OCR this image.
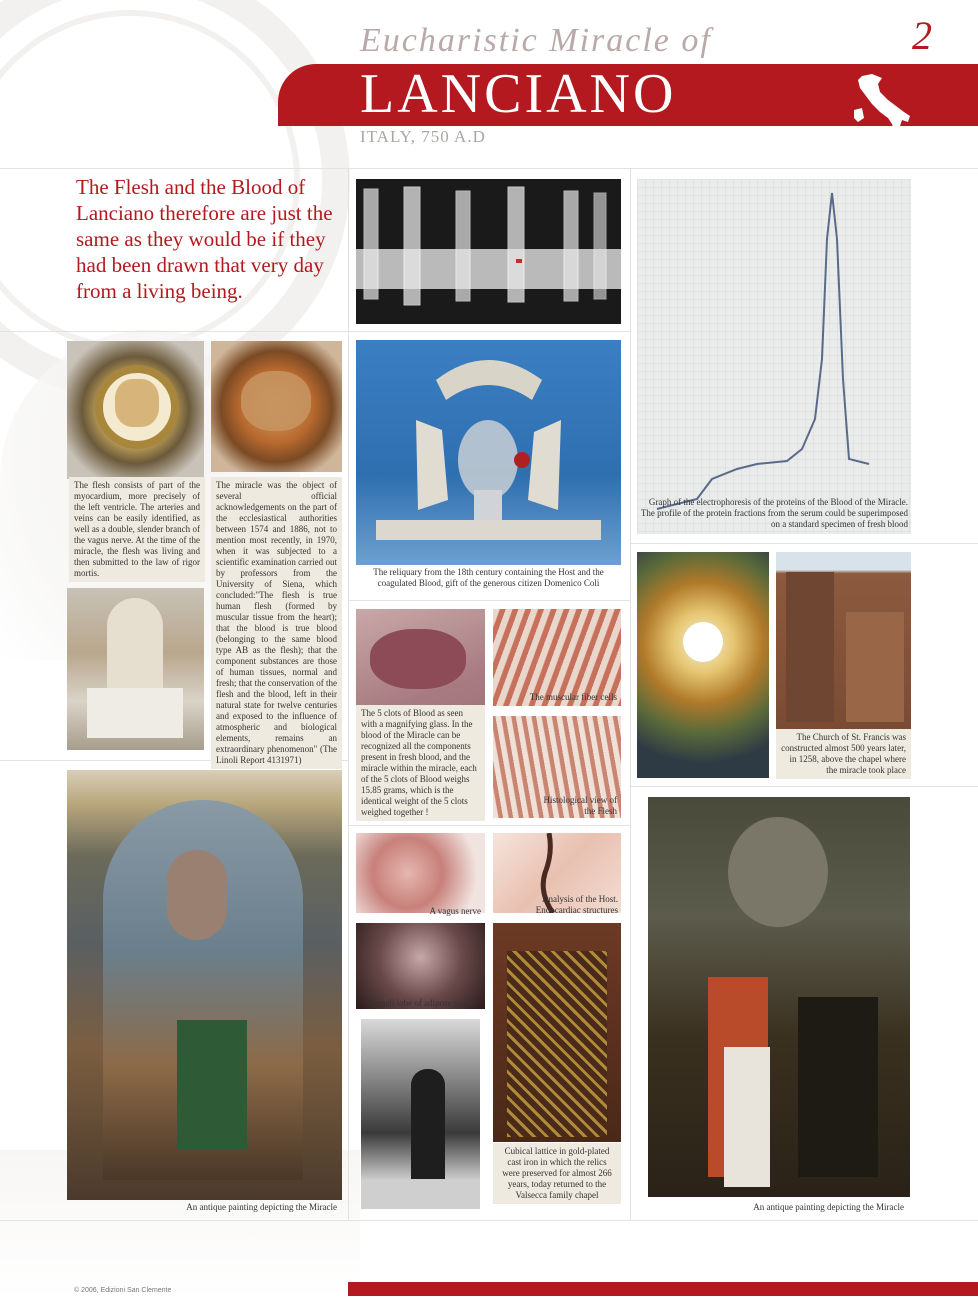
Eucharistic Miracle of
LANCIANO
ITALY, 750 A.D
2
The Flesh and the Blood of Lanciano therefore are just the same as they would be if they had been drawn that very day from a living being.
Graph of the electrophoresis of the proteins of the Blood of the Miracle. The profile of the protein fractions from the serum could be superimposed on a standard specimen of fresh blood
The flesh consists of part of the myocardium, more precisely of the left ventricle. The arteries and veins can be easily identified, as well as a double, slender branch of the vagus nerve. At the time of the miracle, the flesh was living and then submitted to the law of rigor mortis.
The miracle was the object of several official acknowledgements on the part of the ecclesiastical authorities between 1574 and 1886, not to mention most recently, in 1970, when it was subjected to a scientific examination carried out by professors from the University of Siena, which concluded:"The flesh is true human flesh (formed by muscular tissue from the heart); that the blood is true blood (belonging to the same blood type AB as the flesh); that the component substances are those of human tissues, normal and fresh; that the conservation of the flesh and the blood, left in their natural state for twelve centuries and exposed to the influence of atmospheric and biological elements, remains an extraordinary phenomenon" (The Linoli Report 4131971)
The reliquary from the 18th century containing the Host and the coagulated Blood, gift of the generous citizen Domenico Coli
The 5 clots of Blood as seen with a magnifying glass. In the blood of the Miracle can be recognized all the components present in fresh blood, and the miracle within the miracle, each of the 5 clots of Blood weighs 15.85 grams, which is the identical weight of the 5 clots weighed together !
The muscular fiber cells
Histological view of the Flesh
The Church of St. Francis was constructed almost 500 years later, in 1258, above the chapel where the miracle took place
An antique painting depicting the Miracle
A vagus nerve
Analysis of the Host. Endocardiac structures
A small lobe of adipose tissue
Cubical lattice in gold-plated cast iron in which the relics were preserved for almost 266 years, today returned to the Valsecca family chapel
An antique painting depicting the Miracle
© 2006, Edizioni San Clemente
